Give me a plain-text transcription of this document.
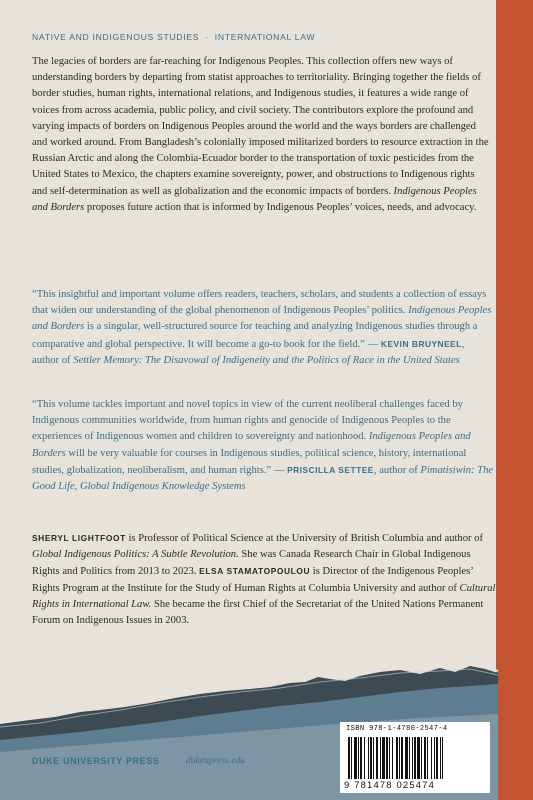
NATIVE AND INDIGENOUS STUDIES · INTERNATIONAL LAW

The legacies of borders are far-reaching for Indigenous Peoples. This collection offers new ways of understanding borders by departing from statist approaches to territoriality. Bringing together the fields of border studies, human rights, international relations, and Indigenous studies, it features a wide range of voices from across academia, public policy, and civil society. The contributors explore the profound and varying impacts of borders on Indigenous Peoples around the world and the ways borders are challenged and worked around. From Bangladesh’s colonially imposed militarized borders to resource extraction in the Russian Arctic and along the Colombia-Ecuador border to the transportation of toxic pesticides from the United States to Mexico, the chapters examine sovereignty, power, and obstructions to Indigenous rights and self-determination as well as globalization and the economic impacts of borders. Indigenous Peoples and Borders proposes future action that is informed by Indigenous Peoples’ voices, needs, and advocacy.

“This insightful and important volume offers readers, teachers, scholars, and students a collection of essays that widen our understanding of the global phenomenon of Indigenous Peoples’ politics. Indigenous Peoples and Borders is a singular, well-structured source for teaching and analyzing Indigenous studies through a comparative and global perspective. It will become a go-to book for the field.” — KEVIN BRUYNEEL, author of Settler Memory: The Disavowal of Indigeneity and the Politics of Race in the United States

“This volume tackles important and novel topics in view of the current neoliberal challenges faced by Indigenous communities worldwide, from human rights and genocide of Indigenous Peoples to the experiences of Indigenous women and children to sovereignty and nationhood. Indigenous Peoples and Borders will be very valuable for courses in Indigenous studies, political science, history, international studies, globalization, neoliberalism, and human rights.” — PRISCILLA SETTEE, author of Pimatisiwin: The Good Life, Global Indigenous Knowledge Systems

SHERYL LIGHTFOOT is Professor of Political Science at the University of British Columbia and author of Global Indigenous Politics: A Subtle Revolution. She was Canada Research Chair in Global Indigenous Rights and Politics from 2013 to 2023. ELSA STAMATOPOULOU is Director of the Indigenous Peoples’ Rights Program at the Institute for the Study of Human Rights at Columbia University and author of Cultural Rights in International Law. She became the first Chief of the Secretariat of the United Nations Permanent Forum on Indigenous Issues in 2003.

DUKE UNIVERSITY PRESS	dukeupress.edu
ISBN 978-1-4780-2547-4
9 781478 025474
